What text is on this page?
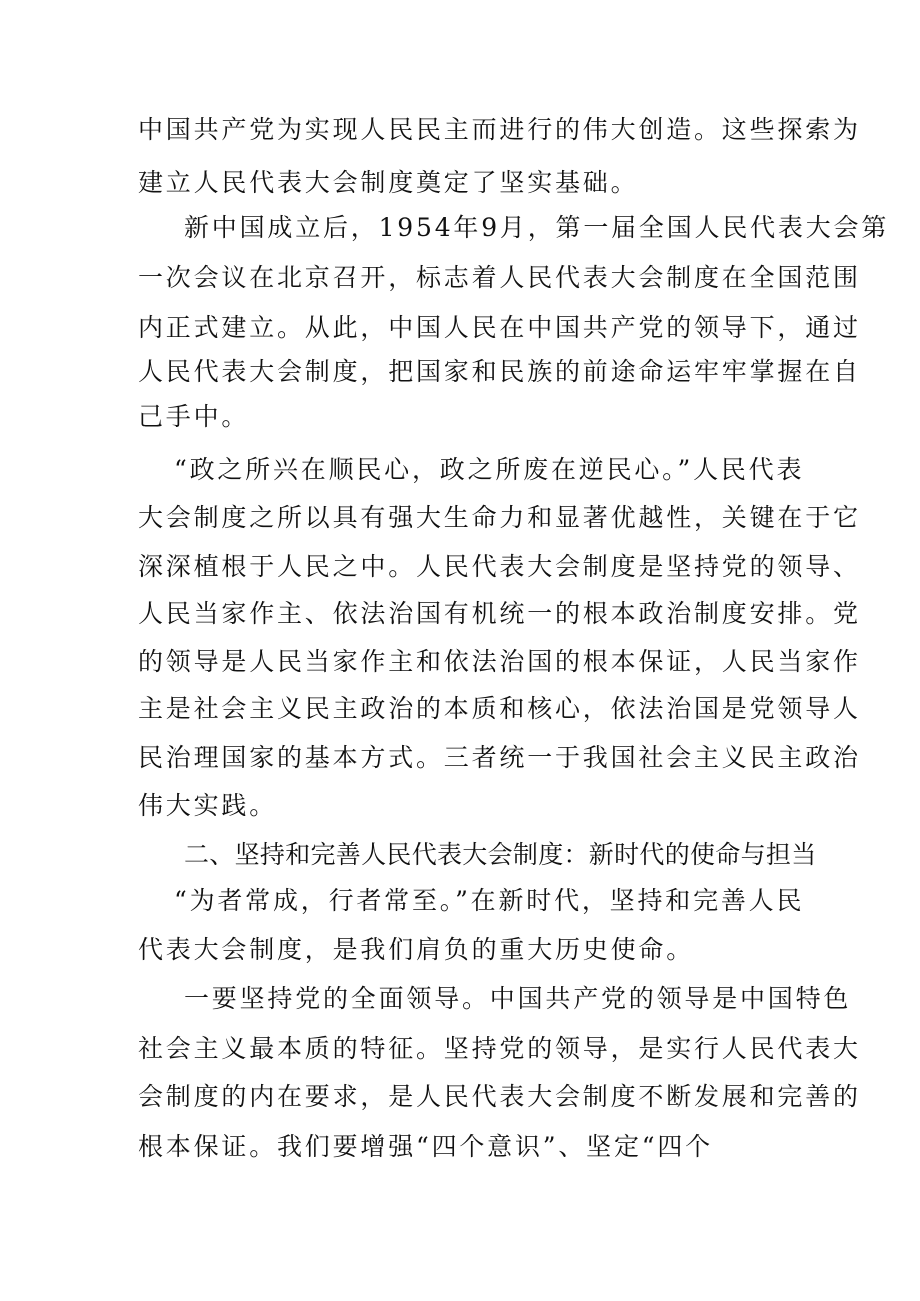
中国共产党为实现人民民主而进行的伟大创造。这些探索为
建立人民代表大会制度奠定了坚实基础。
新中国成立后，1954年9月，第一届全国人民代表大会第
一次会议在北京召开，标志着人民代表大会制度在全国范围
内正式建立。从此，中国人民在中国共产党的领导下，通过
人民代表大会制度，把国家和民族的前途命运牢牢掌握在自
己手中。
“政之所兴在顺民心，政之所废在逆民心。”人民代表
大会制度之所以具有强大生命力和显著优越性，关键在于它
深深植根于人民之中。人民代表大会制度是坚持党的领导、
人民当家作主、依法治国有机统一的根本政治制度安排。党
的领导是人民当家作主和依法治国的根本保证，人民当家作
主是社会主义民主政治的本质和核心，依法治国是党领导人
民治理国家的基本方式。三者统一于我国社会主义民主政治
伟大实践。
二、坚持和完善人民代表大会制度：新时代的使命与担当
“为者常成，行者常至。”在新时代，坚持和完善人民
代表大会制度，是我们肩负的重大历史使命。
一要坚持党的全面领导。中国共产党的领导是中国特色
社会主义最本质的特征。坚持党的领导，是实行人民代表大
会制度的内在要求，是人民代表大会制度不断发展和完善的
根本保证。我们要增强“四个意识”、坚定“四个
